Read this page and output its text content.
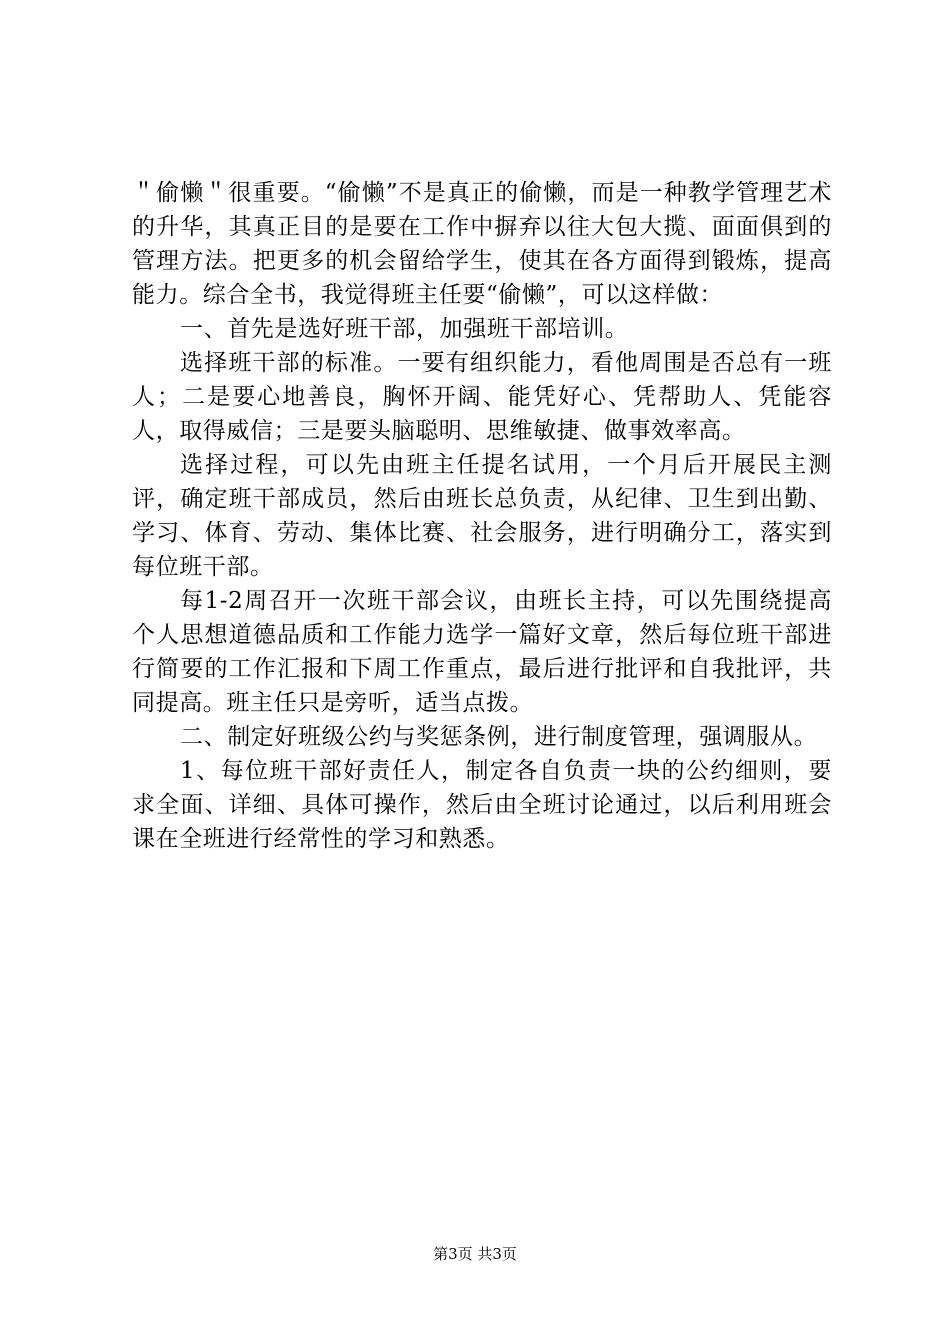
＂偷懒＂很重要。“偷懒”不是真正的偷懒，而是一种教学管理艺术的升华，其真正目的是要在工作中摒弃以往大包大揽、面面俱到的管理方法。把更多的机会留给学生，使其在各方面得到锻炼，提高能力。综合全书，我觉得班主任要“偷懒”，可以这样做：

一、首先是选好班干部，加强班干部培训。

选择班干部的标准。一要有组织能力，看他周围是否总有一班人；二是要心地善良，胸怀开阔、能凭好心、凭帮助人、凭能容人，取得威信；三是要头脑聪明、思维敏捷、做事效率高。

选择过程，可以先由班主任提名试用，一个月后开展民主测评，确定班干部成员，然后由班长总负责，从纪律、卫生到出勤、学习、体育、劳动、集体比赛、社会服务，进行明确分工，落实到每位班干部。

每1-2周召开一次班干部会议，由班长主持，可以先围绕提高个人思想道德品质和工作能力选学一篇好文章，然后每位班干部进行简要的工作汇报和下周工作重点，最后进行批评和自我批评，共同提高。班主任只是旁听，适当点拨。

二、制定好班级公约与奖惩条例，进行制度管理，强调服从。

1、每位班干部好责任人，制定各自负责一块的公约细则，要求全面、详细、具体可操作，然后由全班讨论通过，以后利用班会课在全班进行经常性的学习和熟悉。

第3页 共3页
